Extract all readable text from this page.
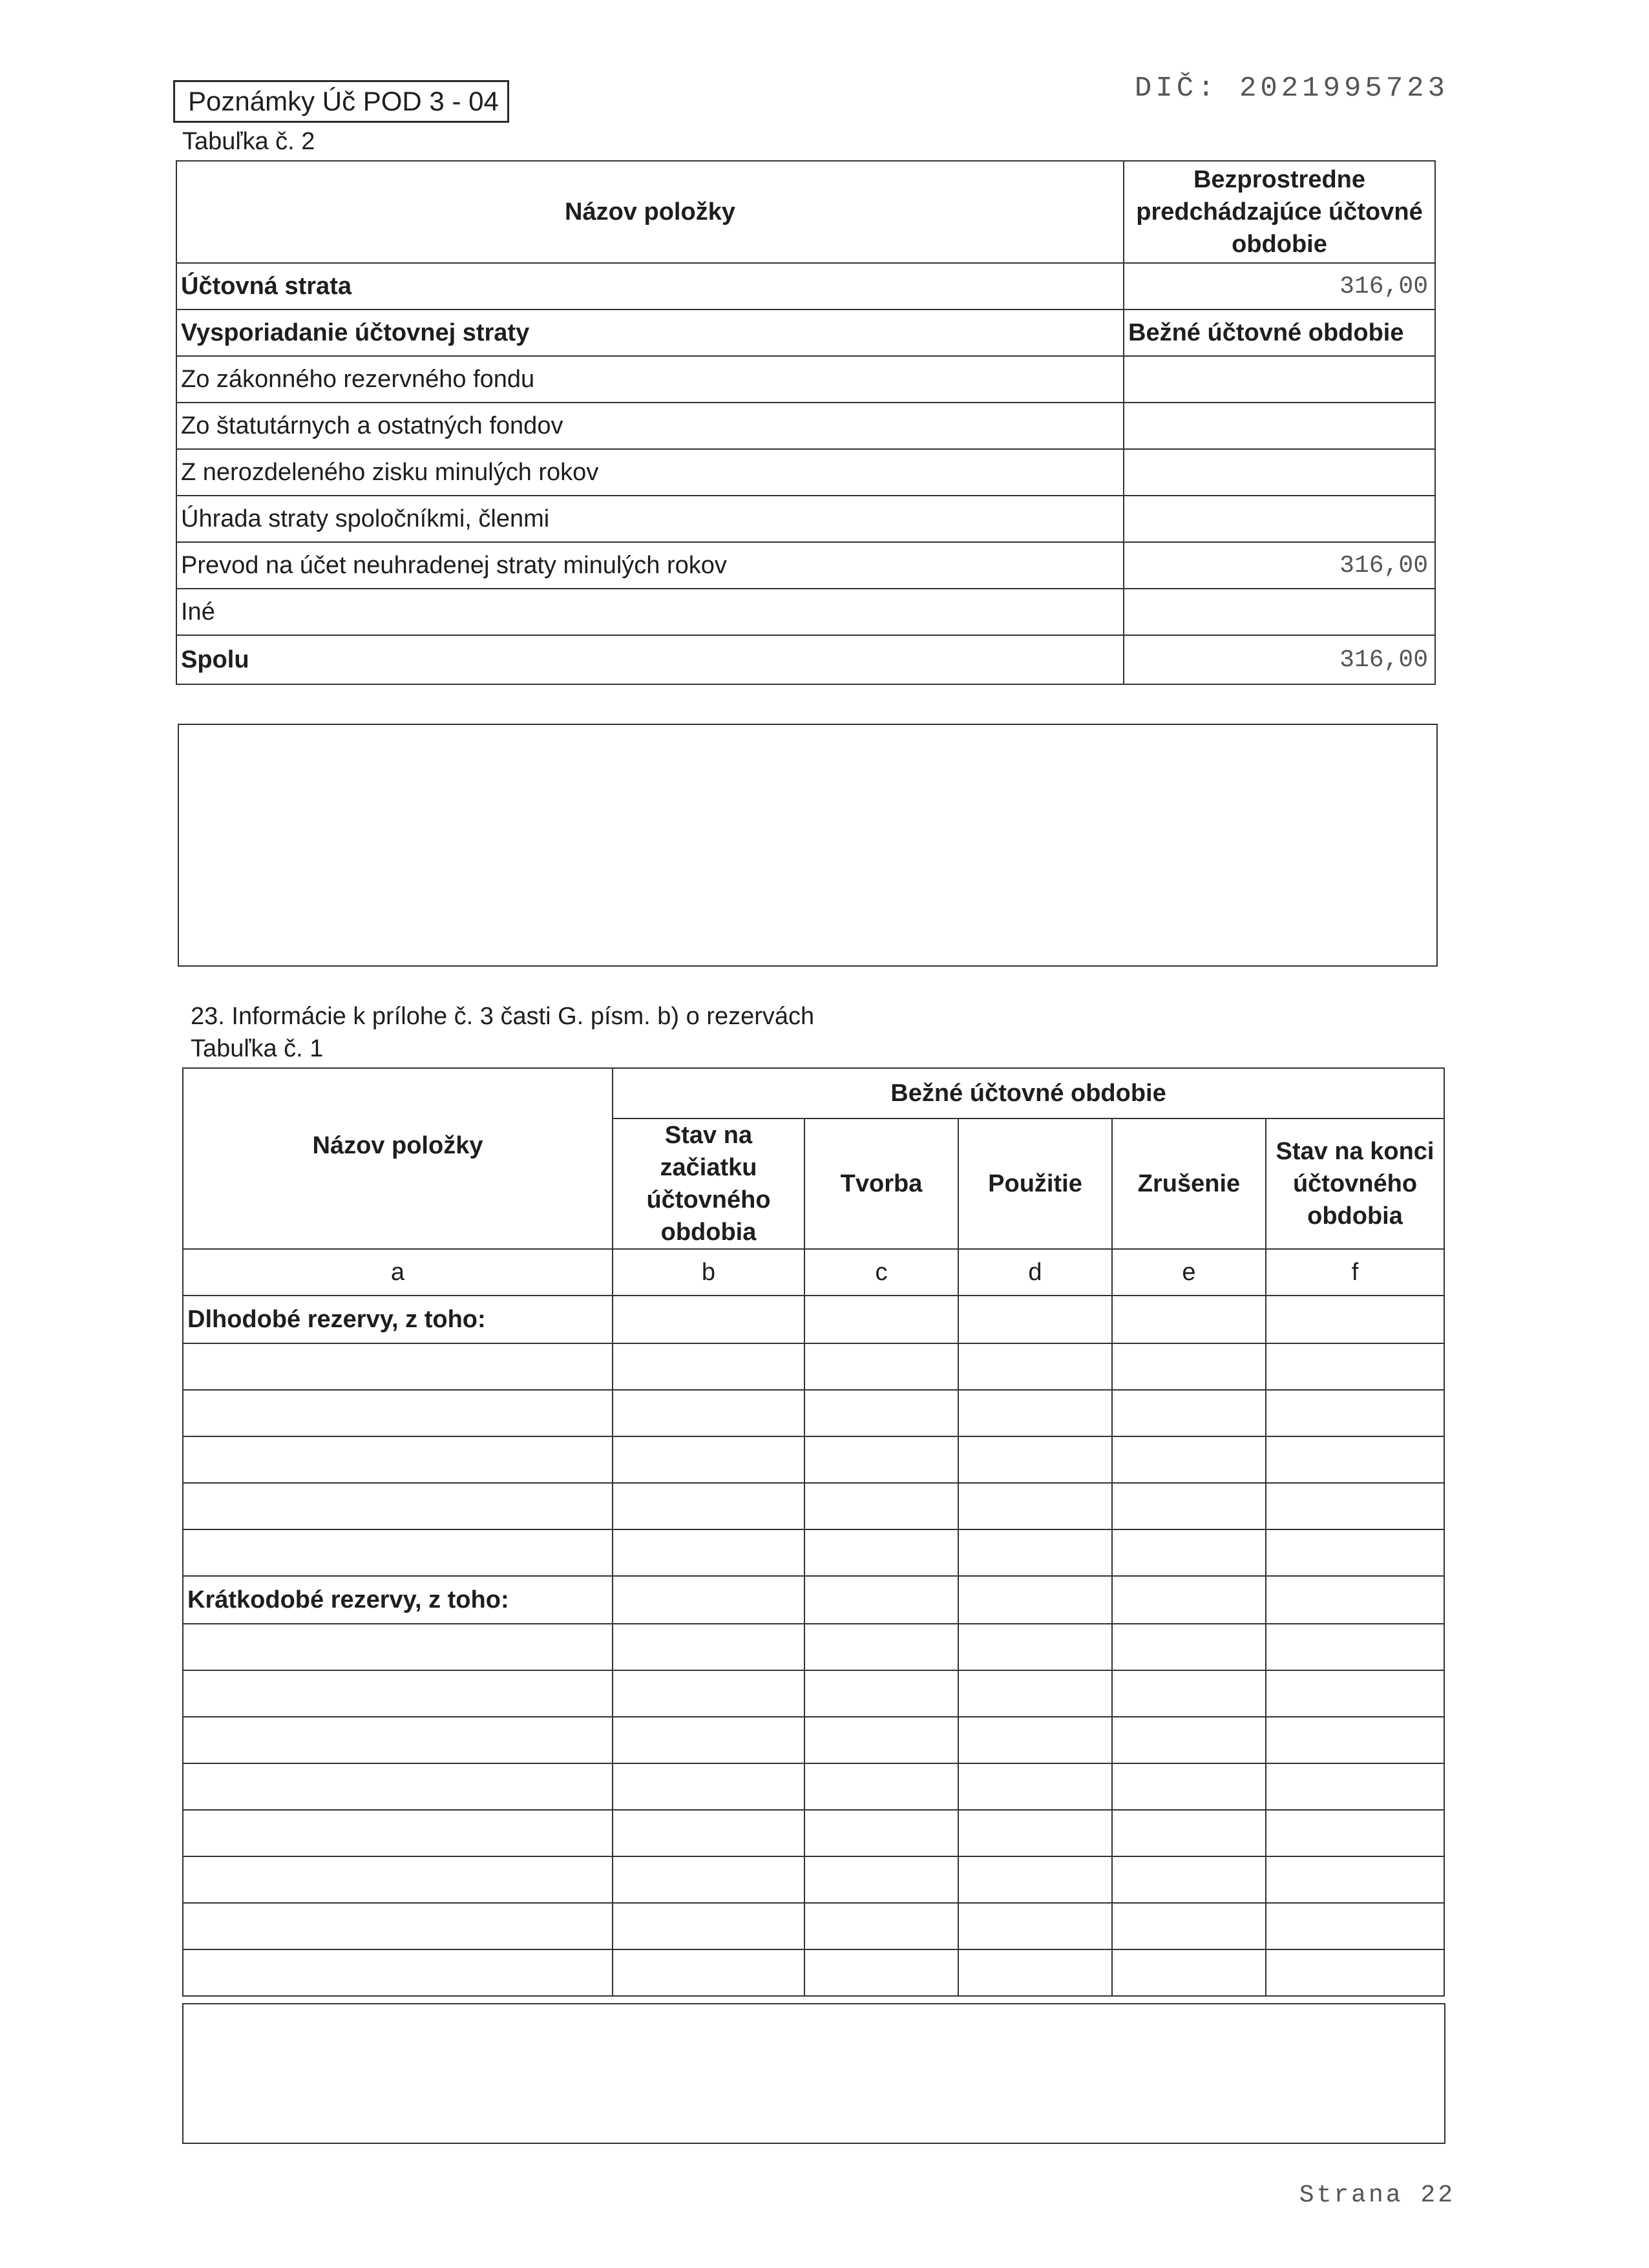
Poznámky Úč POD 3 - 04	DIČ: 2021995723
Tabuľka č. 2
Názov položky	Bezprostredne predchádzajúce účtovné obdobie
Účtovná strata	316,00
Vysporiadanie účtovnej straty	Bežné účtovné obdobie
Zo zákonného rezervného fondu	
Zo štatutárnych a ostatných fondov	
Z nerozdeleného zisku minulých rokov	
Úhrada straty spoločníkmi, členmi	
Prevod na účet neuhradenej straty minulých rokov	316,00
Iné	
Spolu	316,00
23. Informácie k prílohe č. 3 časti G. písm. b) o rezervách
Tabuľka č. 1
Názov položky	Bežné účtovné obdobie				
	Stav na začiatku účtovného obdobia	Tvorba	Použitie	Zrušenie	Stav na konci účtovného obdobia
a	b	c	d	e	f
Dlhodobé rezervy, z toho:					

Krátkodobé rezervy, z toho:					

Strana 22
